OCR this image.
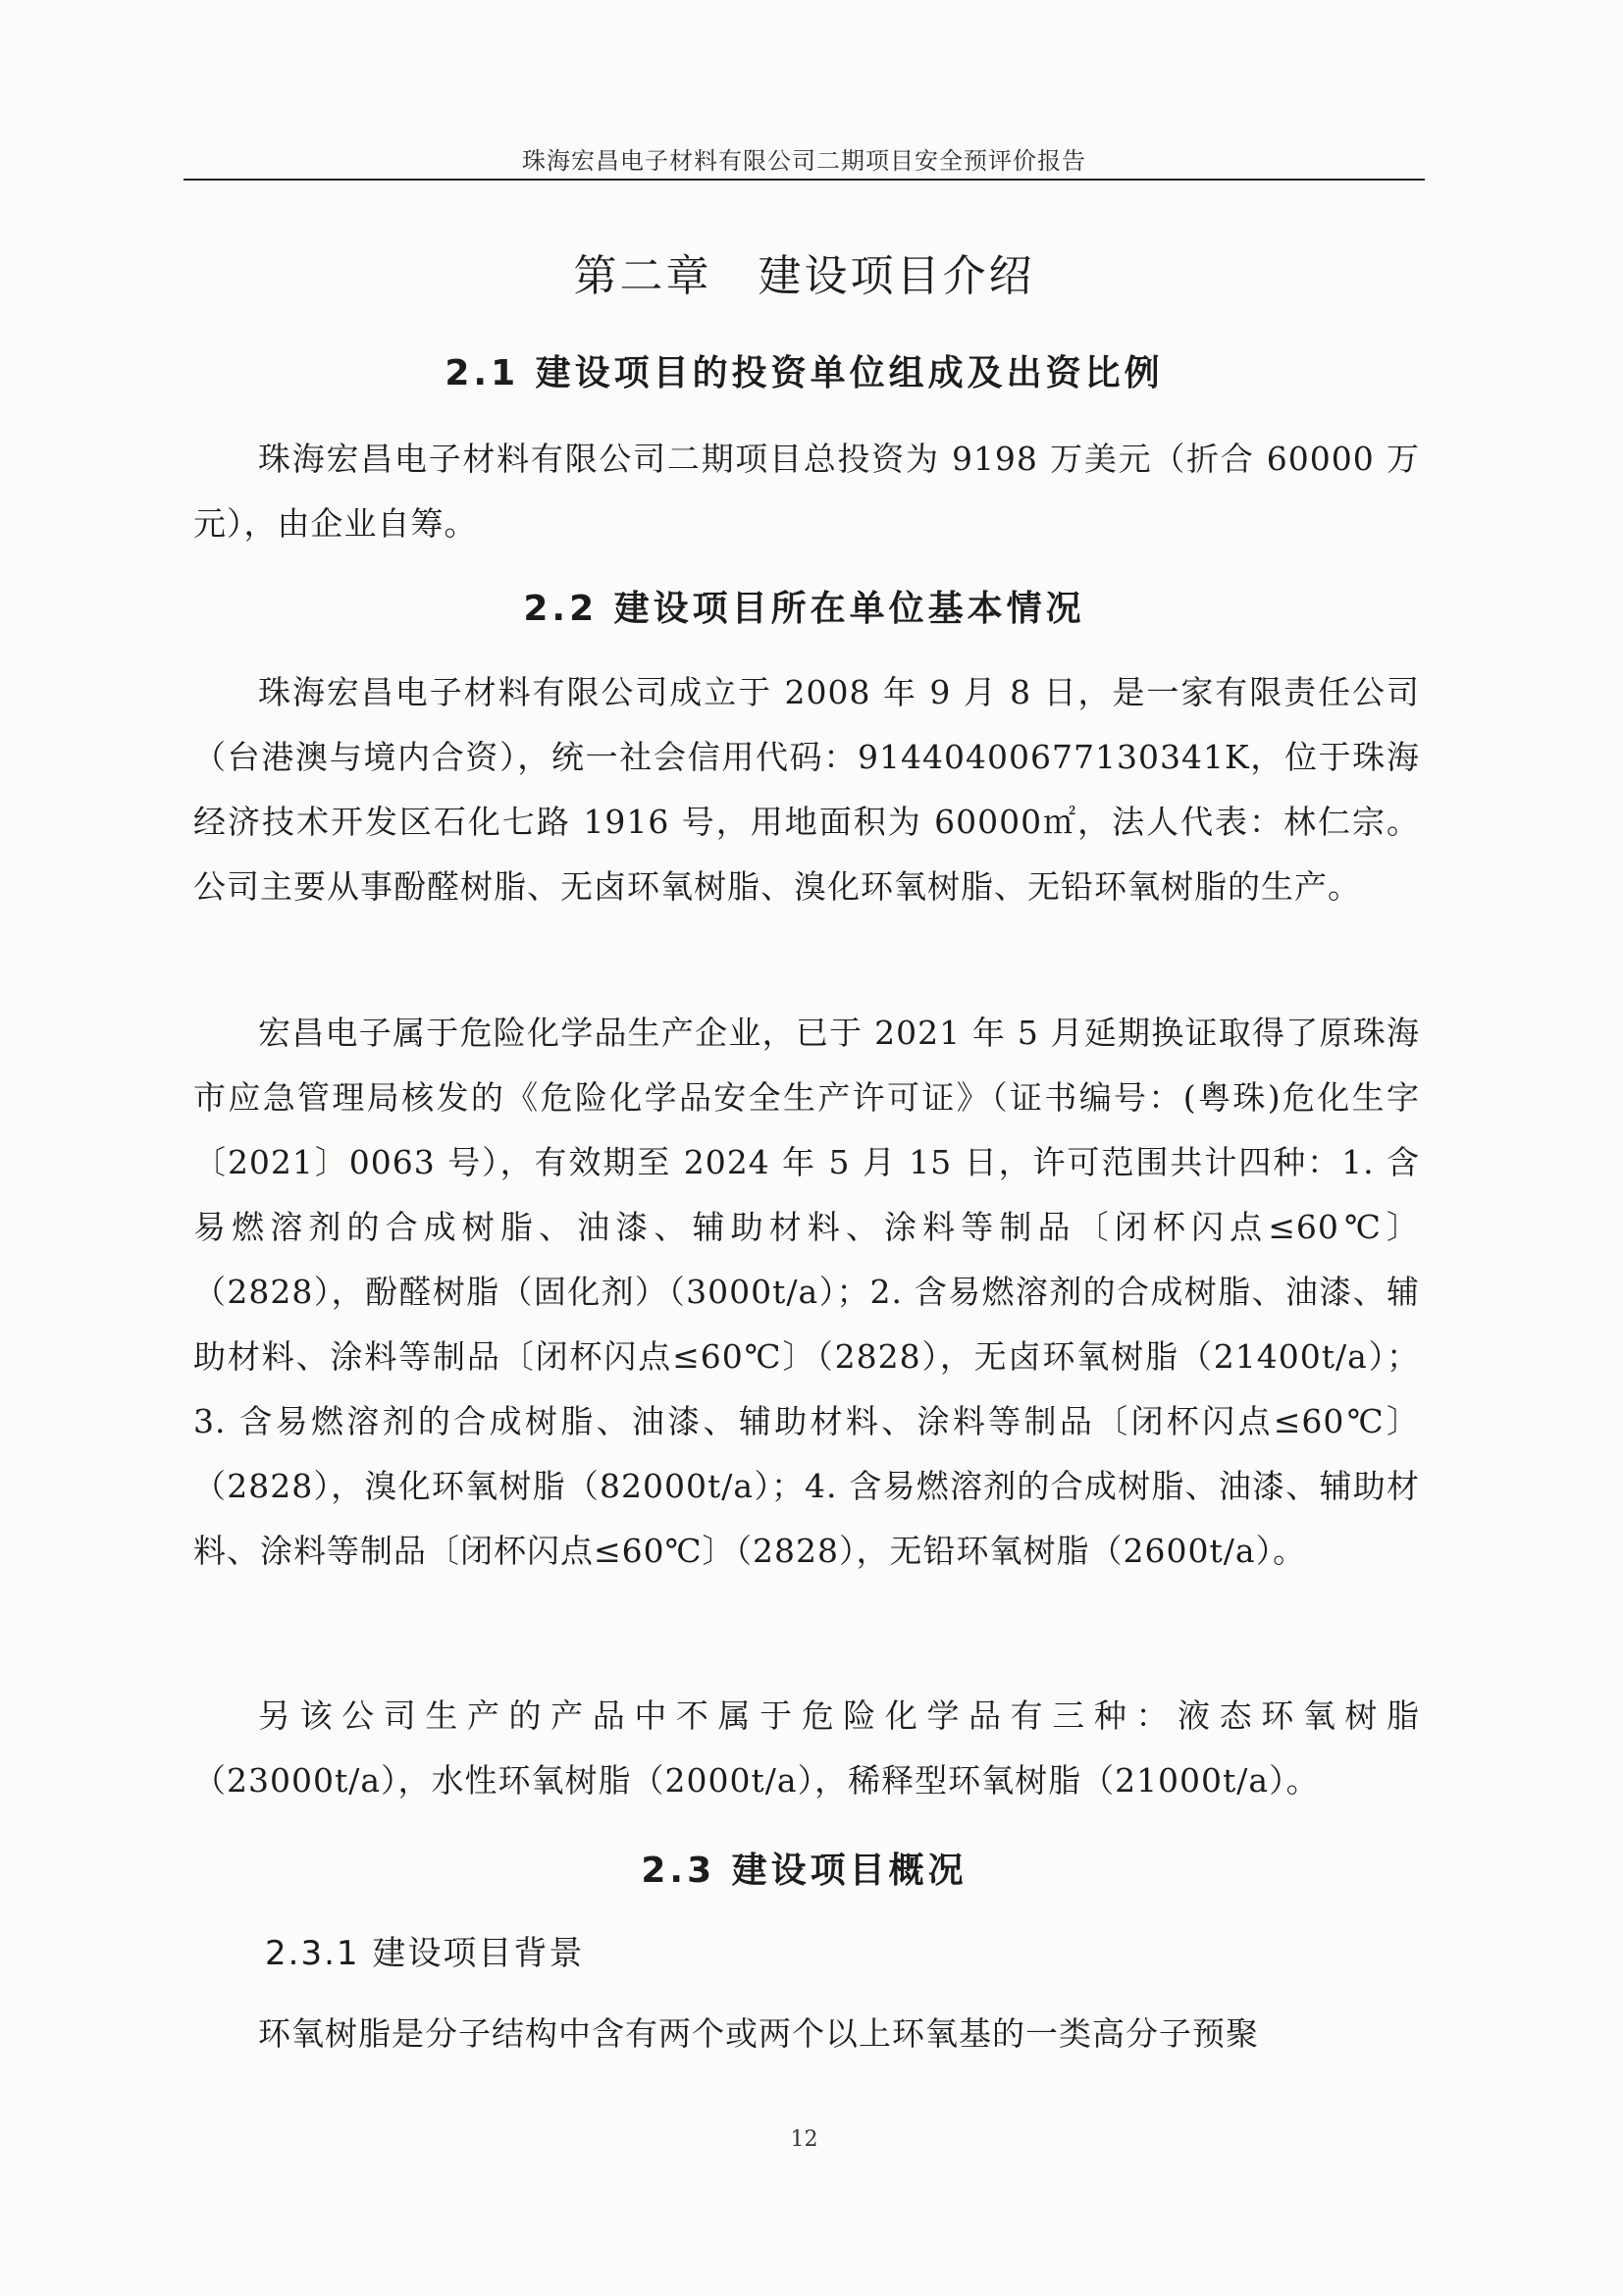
珠海宏昌电子材料有限公司二期项目安全预评价报告
第二章　建设项目介绍
2.1 建设项目的投资单位组成及出资比例

珠海宏昌电子材料有限公司二期项目总投资为 9198 万美元（折合 60000 万元），由企业自筹。

2.2 建设项目所在单位基本情况

珠海宏昌电子材料有限公司成立于 2008 年 9 月 8 日，是一家有限责任公司（台港澳与境内合资），统一社会信用代码：91440400677130341K，位于珠海经济技术开发区石化七路 1916 号，用地面积为 60000㎡，法人代表：林仁宗。公司主要从事酚醛树脂、无卤环氧树脂、溴化环氧树脂、无铅环氧树脂的生产。

宏昌电子属于危险化学品生产企业，已于 2021 年 5 月延期换证取得了原珠海市应急管理局核发的《危险化学品安全生产许可证》（证书编号：(粤珠)危化生字〔2021〕0063 号），有效期至 2024 年 5 月 15 日，许可范围共计四种：1. 含易燃溶剂的合成树脂、油漆、辅助材料、涂料等制品〔闭杯闪点≤60℃〕（2828），酚醛树脂（固化剂）（3000t/a）；2. 含易燃溶剂的合成树脂、油漆、辅助材料、涂料等制品〔闭杯闪点≤60℃〕（2828），无卤环氧树脂（21400t/a）；3. 含易燃溶剂的合成树脂、油漆、辅助材料、涂料等制品〔闭杯闪点≤60℃〕（2828），溴化环氧树脂（82000t/a）；4. 含易燃溶剂的合成树脂、油漆、辅助材料、涂料等制品〔闭杯闪点≤60℃〕（2828），无铅环氧树脂（2600t/a）。

另该公司生产的产品中不属于危险化学品有三种：液态环氧树脂（23000t/a），水性环氧树脂（2000t/a），稀释型环氧树脂（21000t/a）。

2.3 建设项目概况
2.3.1 建设项目背景

环氧树脂是分子结构中含有两个或两个以上环氧基的一类高分子预聚

12
